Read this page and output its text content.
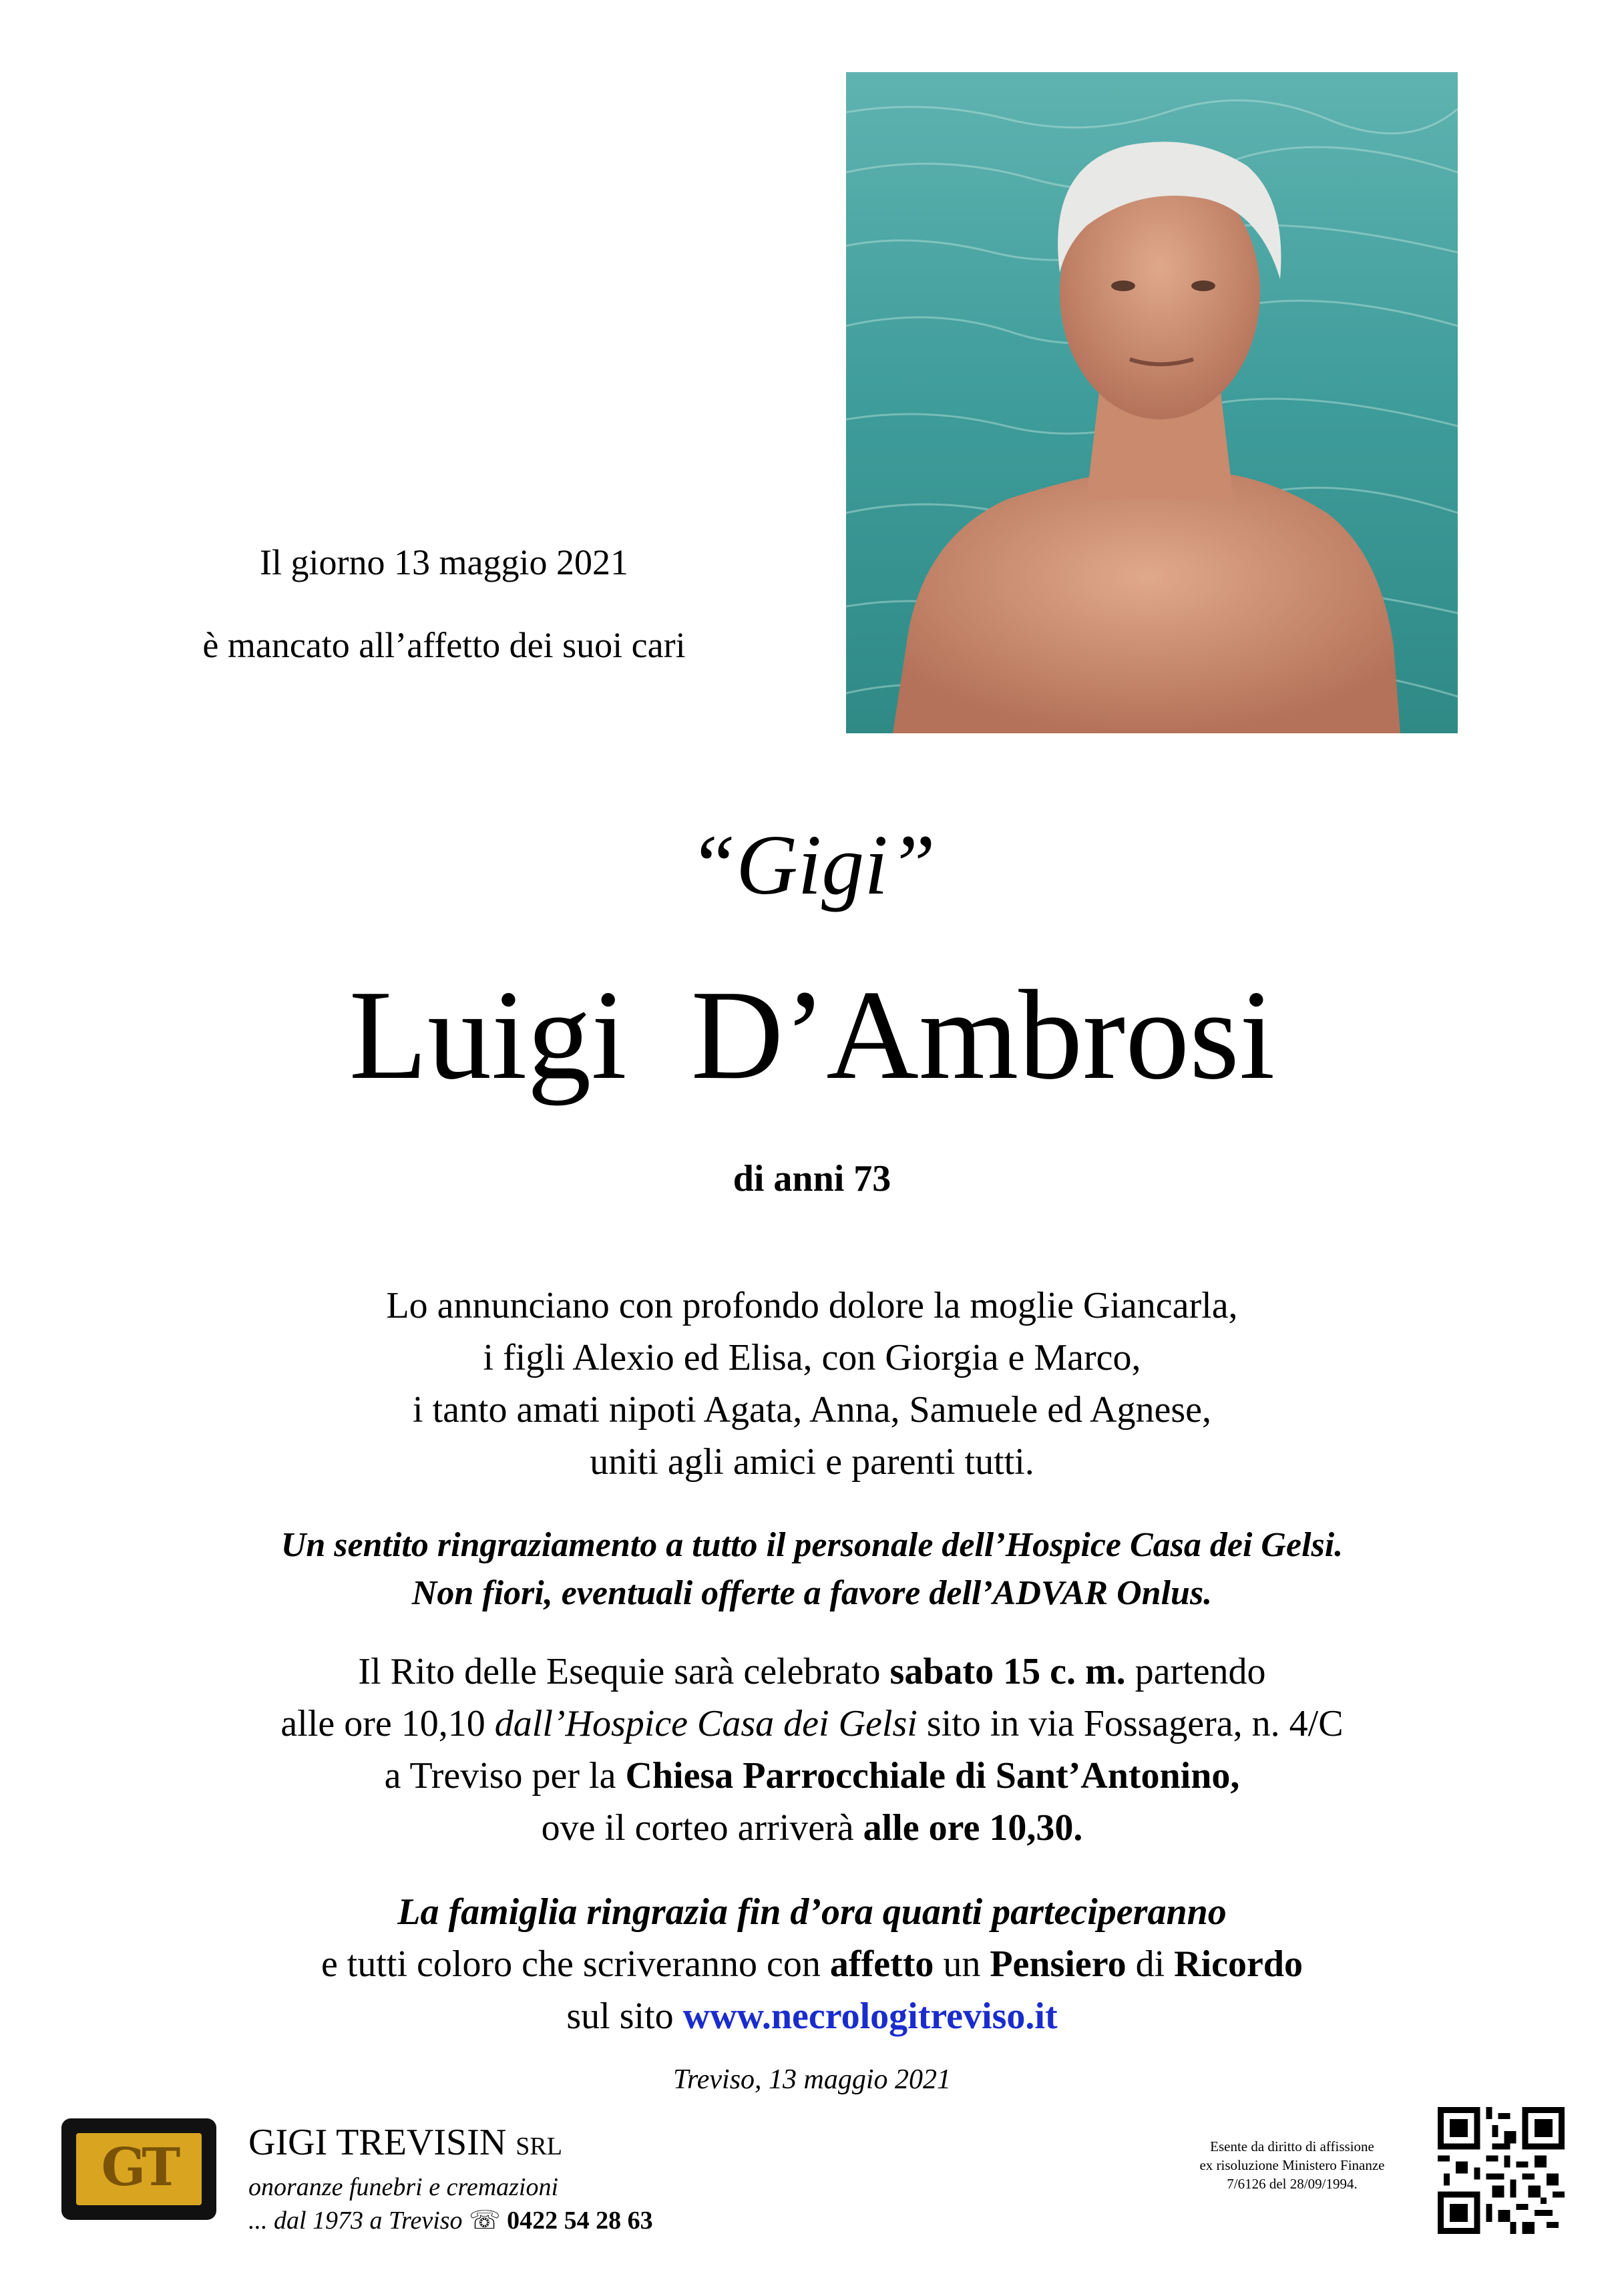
Il giorno 13 maggio 2021
è mancato all’affetto dei suoi cari
“Gigi”
Luigi  D’Ambrosi
di anni 73
Lo annunciano con profondo dolore la moglie Giancarla,
i figli Alexio ed Elisa, con Giorgia e Marco,
i tanto amati nipoti Agata, Anna, Samuele ed Agnese,
uniti agli amici e parenti tutti.
Un sentito ringraziamento a tutto il personale dell’Hospice Casa dei Gelsi.
Non fiori, eventuali offerte a favore dell’ADVAR Onlus.
Il Rito delle Esequie sarà celebrato sabato 15 c. m. partendo
alle ore 10,10 dall’Hospice Casa dei Gelsi sito in via Fossagera, n. 4/C
a Treviso per la Chiesa Parrocchiale di Sant’Antonino,
ove il corteo arriverà alle ore 10,30.
La famiglia ringrazia fin d’ora quanti parteciperanno
e tutti coloro che scriveranno con affetto un Pensiero di Ricordo
sul sito www.necrologitreviso.it
Treviso, 13 maggio 2021
GT	GIGI TREVISIN SRL
onoranze funebri e cremazioni
... dal 1973 a Treviso ☏ 0422 54 28 63
Esente da diritto di affissione
ex risoluzione Ministero Finanze
7/6126 del 28/09/1994.
